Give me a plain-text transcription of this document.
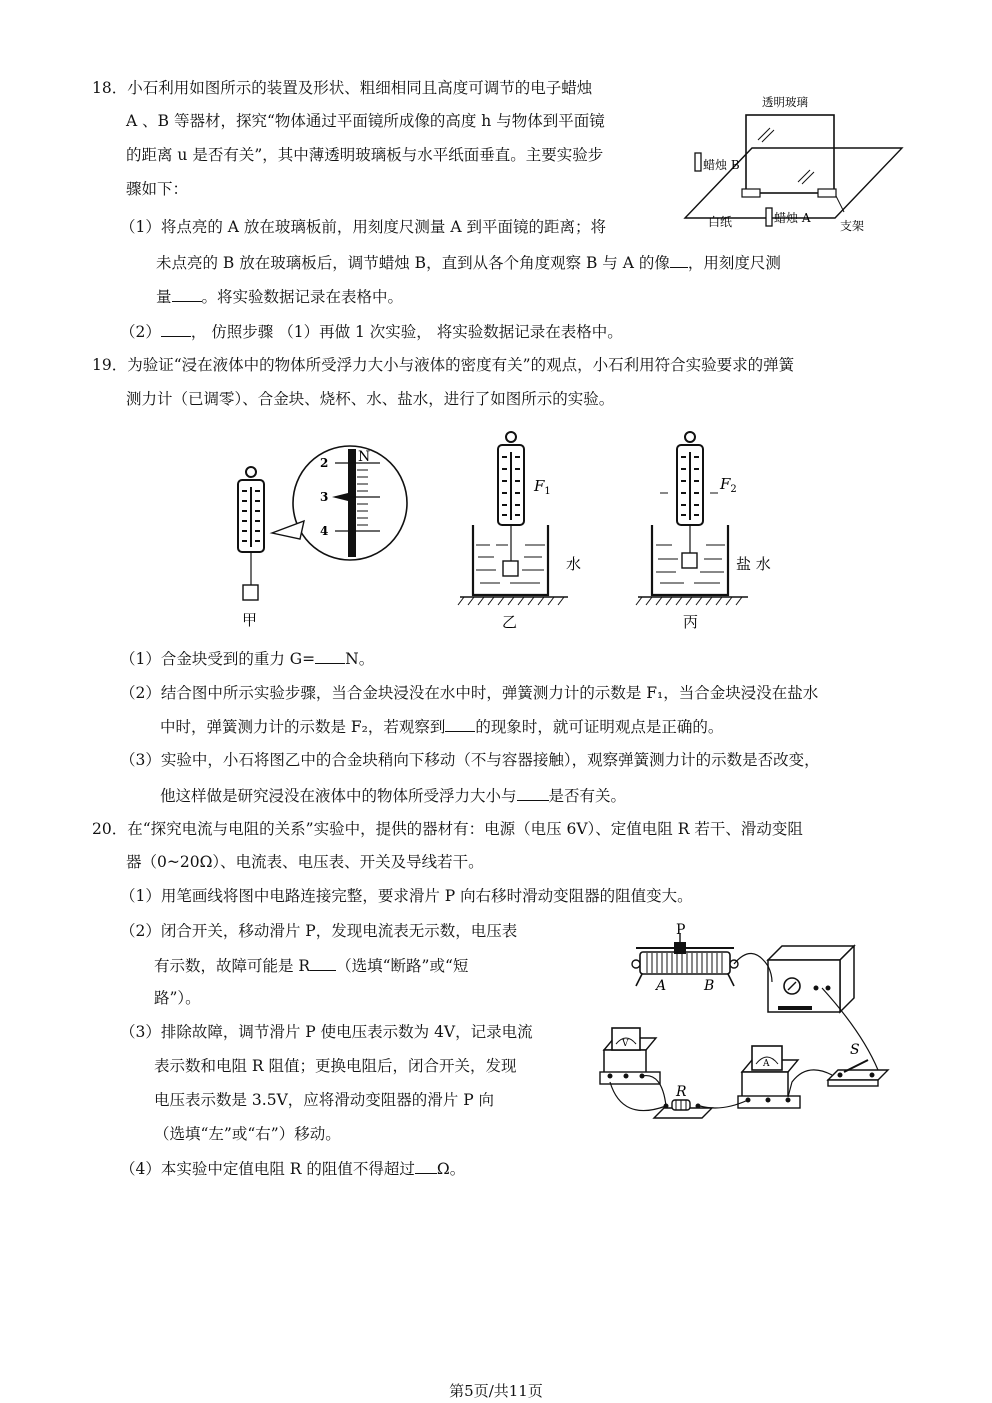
18．小石利用如图所示的装置及形状、粗细相同且高度可调节的电子蜡烛
A 、B 等器材，探究“物体通过平面镜所成像的高度 h 与物体到平面镜
的距离 u 是否有关”，其中薄透明玻璃板与水平纸面垂直。主要实验步
骤如下：
（1）将点亮的 A 放在玻璃板前，用刻度尺测量 A 到平面镜的距离；将
未点亮的 B 放在玻璃板后，调节蜡烛 B，直到从各个角度观察 B 与 A 的像 ，用刻度尺测
量 。将实验数据记录在表格中。
（2） ， 仿照步骤 （1）再做 1 次实验， 将实验数据记录在表格中。
透明玻璃
蜡烛 B
白纸	蜡烛 A
支架
19．为验证“浸在液体中的物体所受浮力大小与液体的密度有关”的观点，小石利用符合实验要求的弹簧
测力计（已调零）、合金块、烧杯、水、盐水，进行了如图所示的实验。
甲
2
3
4
N
$F_1$
水
乙
$F_2$
盐 水
丙
（1）合金块受到的重力 G= N。
（2）结合图中所示实验步骤，当合金块浸没在水中时，弹簧测力计的示数是 F₁，当合金块浸没在盐水
中时，弹簧测力计的示数是 F₂，若观察到 的现象时，就可证明观点是正确的。
（3）实验中，小石将图乙中的合金块稍向下移动（不与容器接触），观察弹簧测力计的示数是否改变，
他这样做是研究浸没在液体中的物体所受浮力大小与 是否有关。
20．在“探究电流与电阻的关系”实验中，提供的器材有：电源（电压 6V）、定值电阻 R 若干、滑动变阻
器（0~20Ω）、电流表、电压表、开关及导线若干。
（1）用笔画线将图中电路连接完整，要求滑片 P 向右移时滑动变阻器的阻值变大。
（2）闭合开关，移动滑片 P，发现电流表无示数，电压表
有示数，故障可能是 R （选填“断路”或“短
路”）。
（3）排除故障，调节滑片 P 使电压表示数为 4V，记录电流
表示数和电阻 R 阻值；更换电阻后，闭合开关，发现
电压表示数是 3.5V，应将滑动变阻器的滑片 P 向
（选填“左”或“右”）移动。
（4）本实验中定值电阻 R 的阻值不得超过 Ω。
P
A	B
V
R
A
S
第5页/共11页
